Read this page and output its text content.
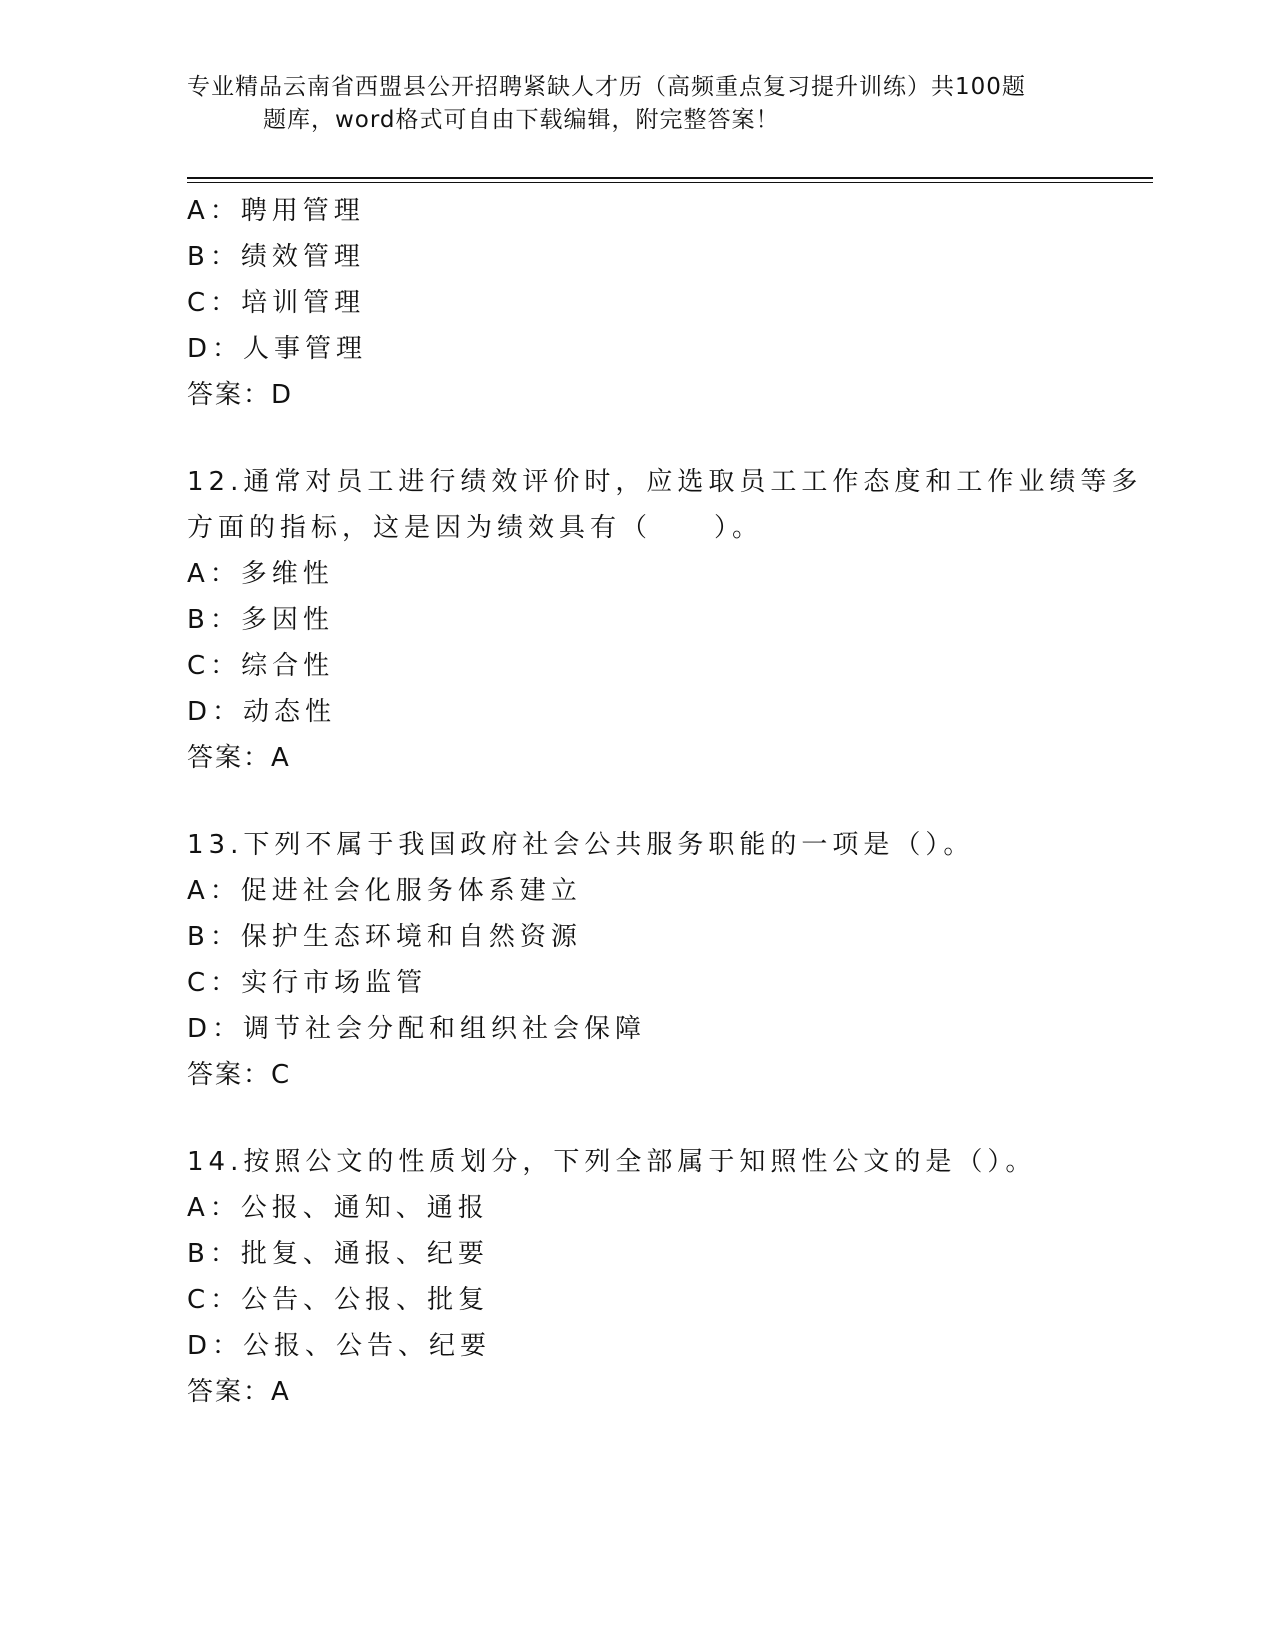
专业精品云南省西盟县公开招聘紧缺人才历（高频重点复习提升训练）共100题
题库，word格式可自由下载编辑，附完整答案！
A：聘用管理
B：绩效管理
C：培训管理
D：人事管理
答案：D
12.通常对员工进行绩效评价时，应选取员工工作态度和工作业绩等多
方面的指标，这是因为绩效具有（　　）。
A：多维性
B：多因性
C：综合性
D：动态性
答案：A
13.下列不属于我国政府社会公共服务职能的一项是（）。
A：促进社会化服务体系建立
B：保护生态环境和自然资源
C：实行市场监管
D：调节社会分配和组织社会保障
答案：C
14.按照公文的性质划分，下列全部属于知照性公文的是（）。
A：公报、通知、通报
B：批复、通报、纪要
C：公告、公报、批复
D：公报、公告、纪要
答案：A
